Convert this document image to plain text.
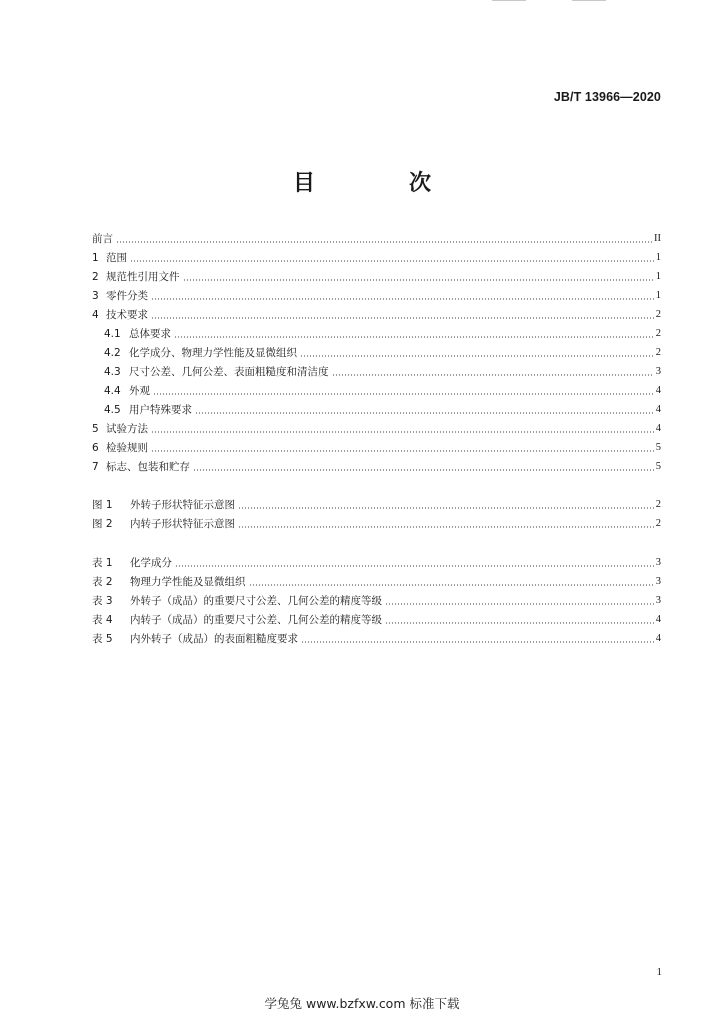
JB/T 13966—2020
目　次
前言	II
1 范围	1
2 规范性引用文件	1
3 零件分类	1
4 技术要求	2
4.1 总体要求	2
4.2 化学成分、物理力学性能及显微组织	2
4.3 尺寸公差、几何公差、表面粗糙度和清洁度	3
4.4 外观	4
4.5 用户特殊要求	4
5 试验方法	4
6 检验规则	5
7 标志、包装和贮存	5
图 1	外转子形状特征示意图	2
图 2	内转子形状特征示意图	2
表 1	化学成分	3
表 2	物理力学性能及显微组织	3
表 3	外转子（成品）的重要尺寸公差、几何公差的精度等级	3
表 4	内转子（成品）的重要尺寸公差、几何公差的精度等级	4
表 5	内外转子（成品）的表面粗糙度要求	4
1
学兔兔 www.bzfxw.com 标准下载
